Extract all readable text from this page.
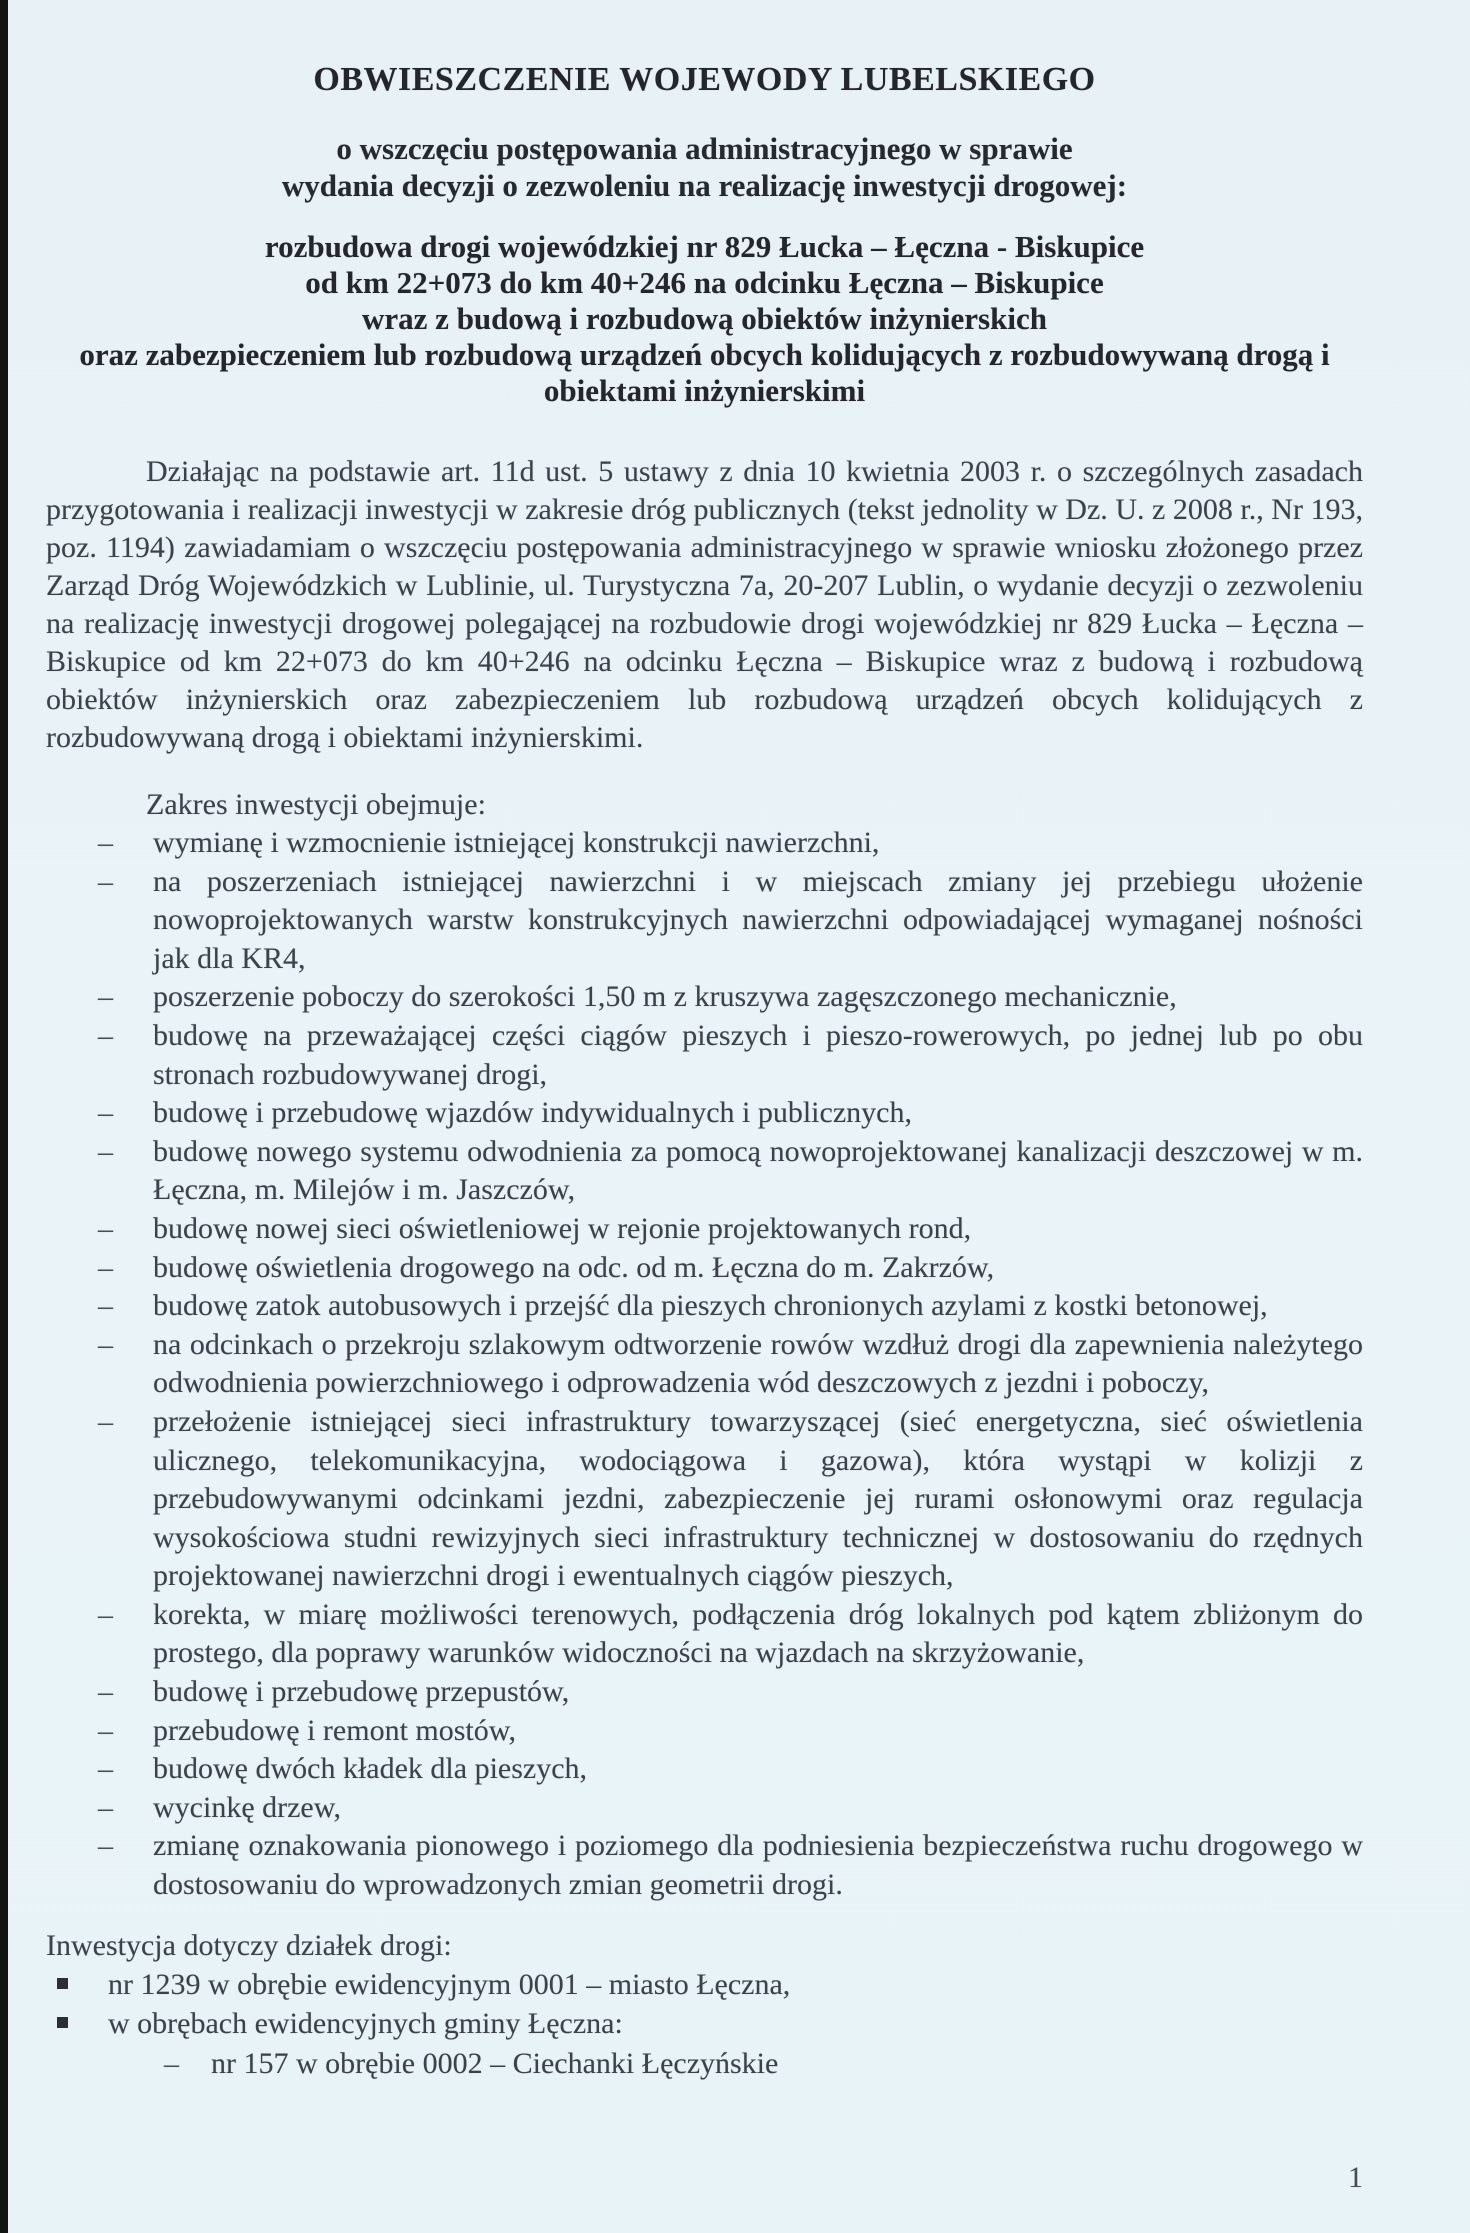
OBWIESZCZENIE WOJEWODY LUBELSKIEGO
o wszczęciu postępowania administracyjnego w sprawie
wydania decyzji o zezwoleniu na realizację inwestycji drogowej:
rozbudowa drogi wojewódzkiej nr 829 Łucka – Łęczna - Biskupice
od km 22+073 do km 40+246 na odcinku Łęczna – Biskupice
wraz z budową i rozbudową obiektów inżynierskich
oraz zabezpieczeniem lub rozbudową urządzeń obcych kolidujących z rozbudowywaną drogą i
obiektami inżynierskimi

Działając na podstawie art. 11d ust. 5 ustawy z dnia 10 kwietnia 2003 r. o szczególnych zasadach przygotowania i realizacji inwestycji w zakresie dróg publicznych (tekst jednolity w Dz. U. z 2008 r., Nr 193, poz. 1194) zawiadamiam o wszczęciu postępowania administracyjnego w sprawie wniosku złożonego przez Zarząd Dróg Wojewódzkich w Lublinie, ul. Turystyczna 7a, 20-207 Lublin, o wydanie decyzji o zezwoleniu na realizację inwestycji drogowej polegającej na rozbudowie drogi wojewódzkiej nr 829 Łucka – Łęczna – Biskupice od km 22+073 do km 40+246 na odcinku Łęczna – Biskupice wraz z budową i rozbudową obiektów inżynierskich oraz zabezpieczeniem lub rozbudową urządzeń obcych kolidujących z rozbudowywaną drogą i obiektami inżynierskimi.

Zakres inwestycji obejmuje:
– wymianę i wzmocnienie istniejącej konstrukcji nawierzchni,
– na poszerzeniach istniejącej nawierzchni i w miejscach zmiany jej przebiegu ułożenie nowoprojektowanych warstw konstrukcyjnych nawierzchni odpowiadającej wymaganej nośności jak dla KR4,
– poszerzenie poboczy do szerokości 1,50 m z kruszywa zagęszczonego mechanicznie,
– budowę na przeważającej części ciągów pieszych i pieszo-rowerowych, po jednej lub po obu stronach rozbudowywanej drogi,
– budowę i przebudowę wjazdów indywidualnych i publicznych,
– budowę nowego systemu odwodnienia za pomocą nowoprojektowanej kanalizacji deszczowej w m. Łęczna, m. Milejów i m. Jaszczów,
– budowę nowej sieci oświetleniowej w rejonie projektowanych rond,
– budowę oświetlenia drogowego na odc. od m. Łęczna do m. Zakrzów,
– budowę zatok autobusowych i przejść dla pieszych chronionych azylami z kostki betonowej,
– na odcinkach o przekroju szlakowym odtworzenie rowów wzdłuż drogi dla zapewnienia należytego odwodnienia powierzchniowego i odprowadzenia wód deszczowych z jezdni i poboczy,
– przełożenie istniejącej sieci infrastruktury towarzyszącej (sieć energetyczna, sieć oświetlenia ulicznego, telekomunikacyjna, wodociągowa i gazowa), która wystąpi w kolizji z przebudowywanymi odcinkami jezdni, zabezpieczenie jej rurami osłonowymi oraz regulacja wysokościowa studni rewizyjnych sieci infrastruktury technicznej w dostosowaniu do rzędnych projektowanej nawierzchni drogi i ewentualnych ciągów pieszych,
– korekta, w miarę możliwości terenowych, podłączenia dróg lokalnych pod kątem zbliżonym do prostego, dla poprawy warunków widoczności na wjazdach na skrzyżowanie,
– budowę i przebudowę przepustów,
– przebudowę i remont mostów,
– budowę dwóch kładek dla pieszych,
– wycinkę drzew,
– zmianę oznakowania pionowego i poziomego dla podniesienia bezpieczeństwa ruchu drogowego w dostosowaniu do wprowadzonych zmian geometrii drogi.
Inwestycja dotyczy działek drogi:
nr 1239 w obrębie ewidencyjnym 0001 – miasto Łęczna,
w obrębach ewidencyjnych gminy Łęczna:
– nr 157 w obrębie 0002 – Ciechanki Łęczyńskie
1
